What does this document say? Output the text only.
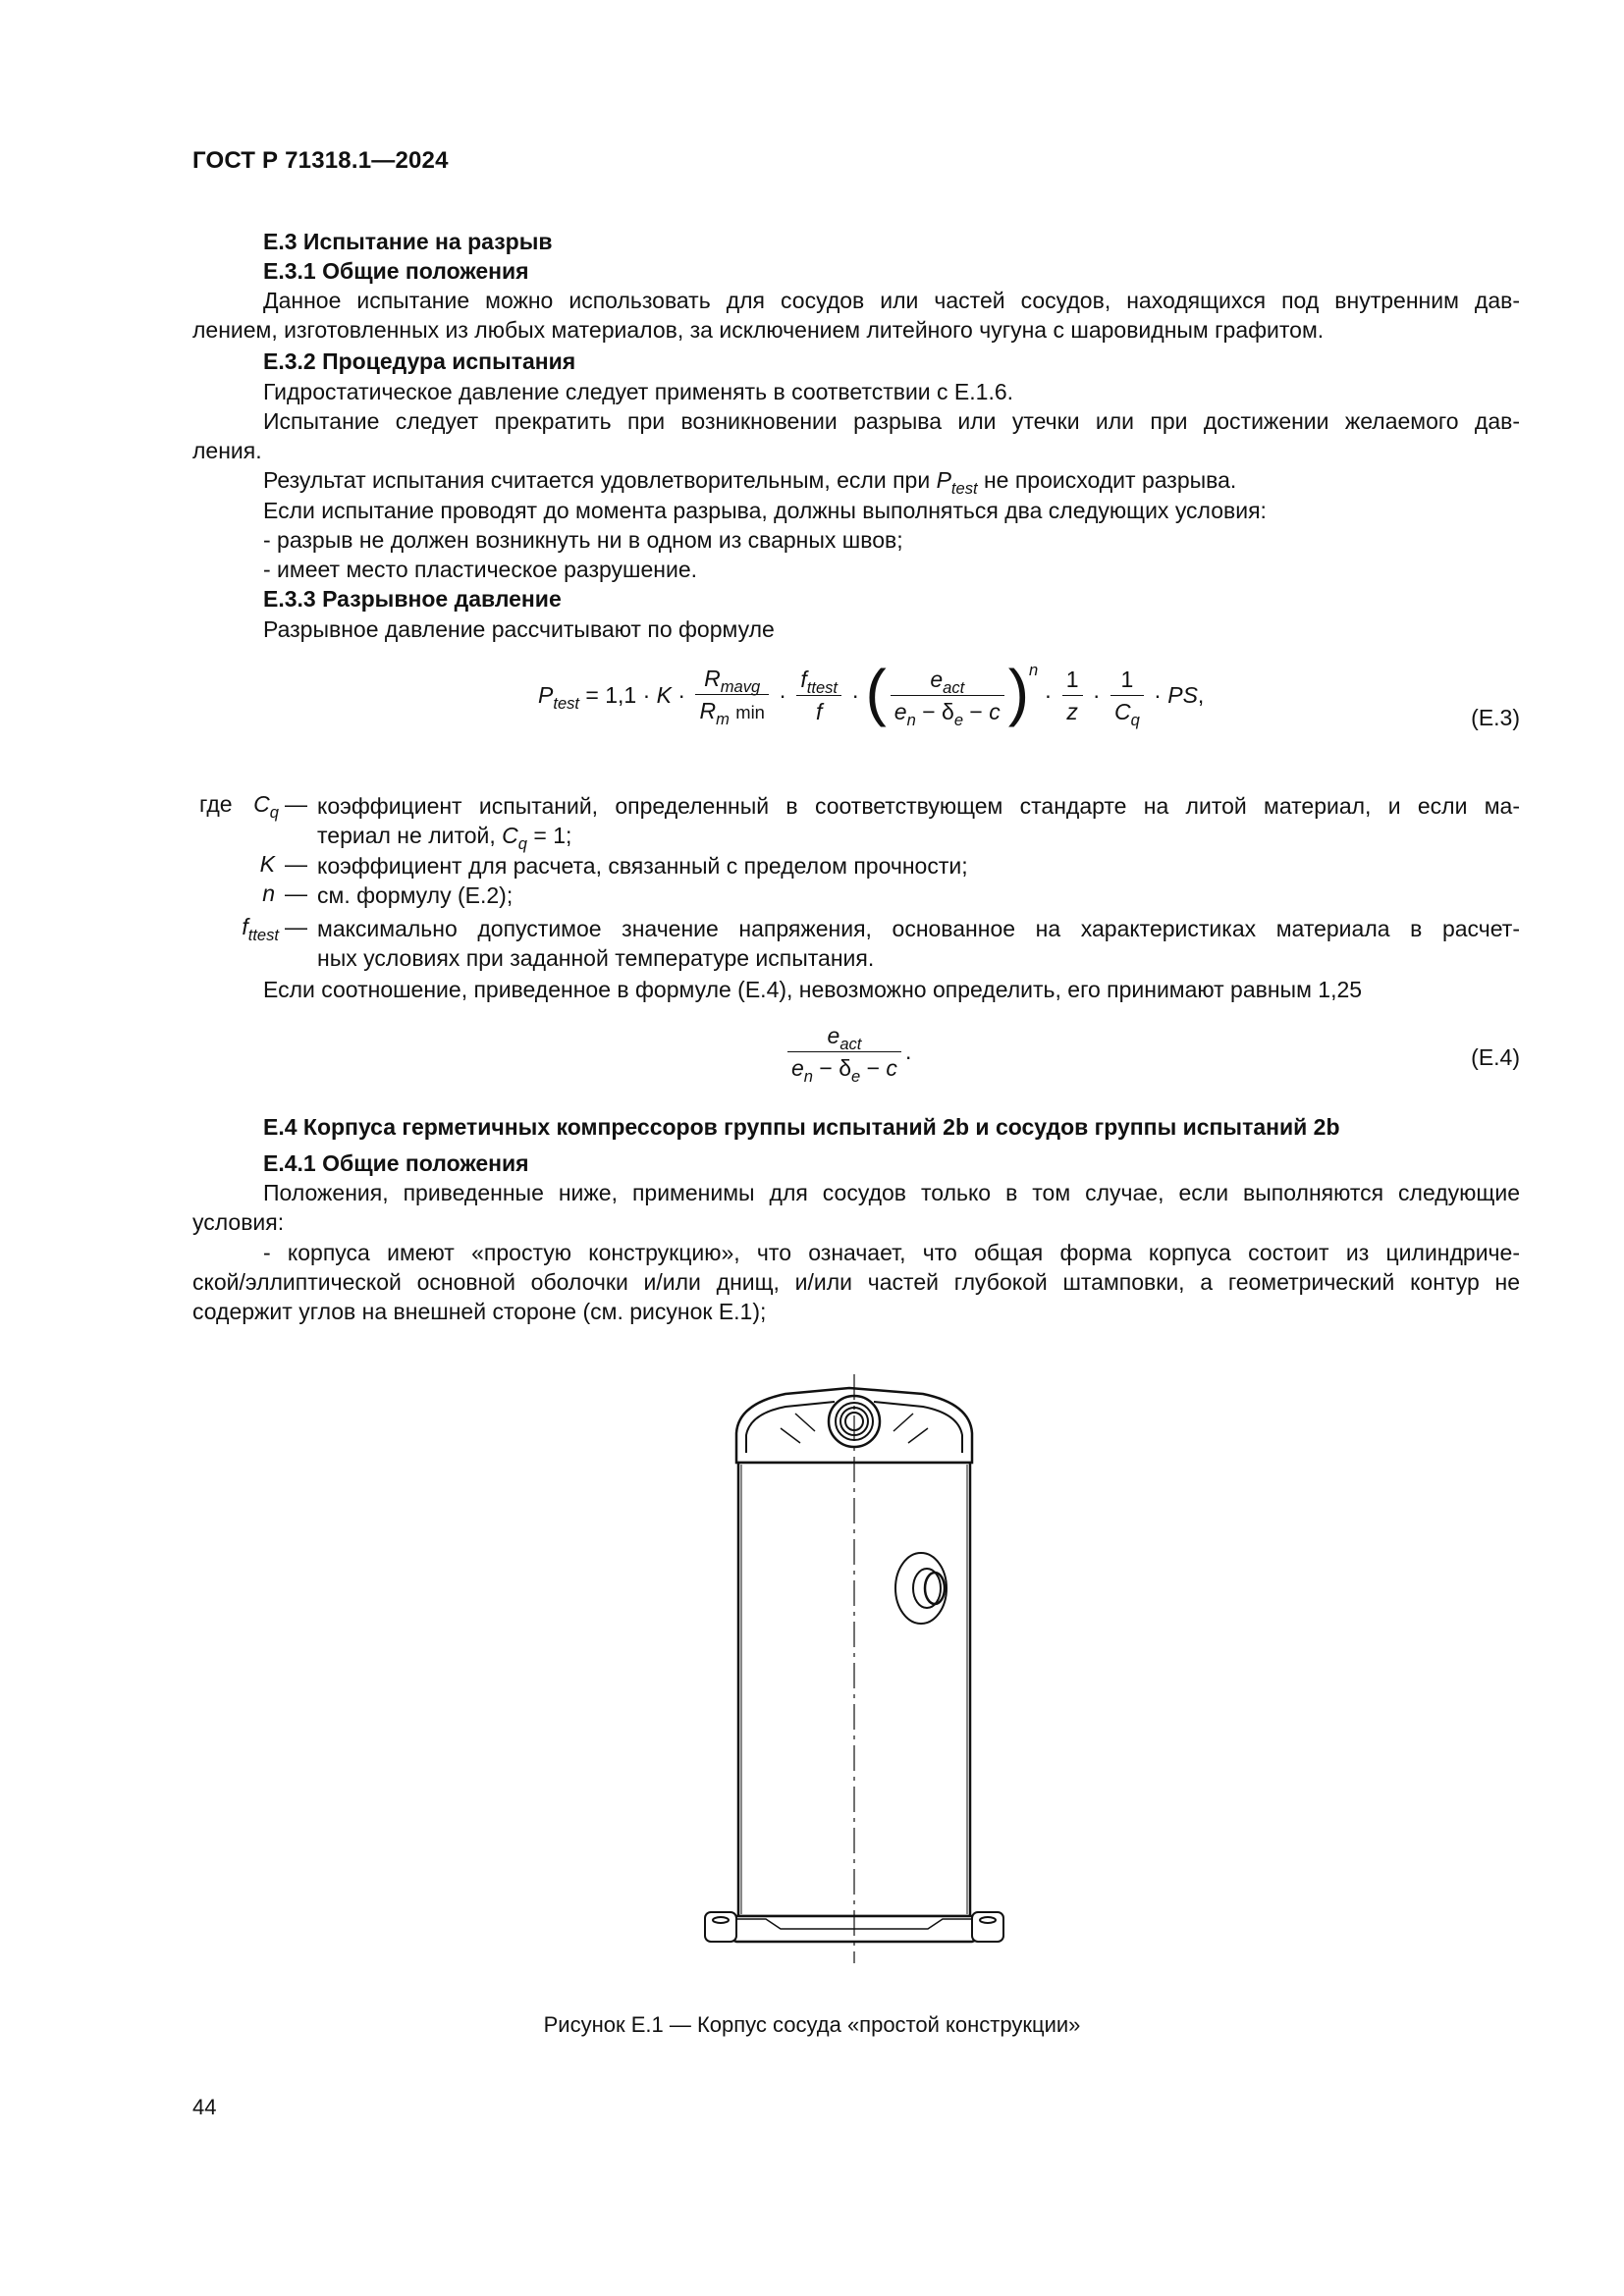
ГОСТ Р 71318.1—2024
Е.3 Испытание на разрыв
Е.3.1 Общие положения
Данное испытание можно использовать для сосудов или частей сосудов, находящихся под внутренним дав-
лением, изготовленных из любых материалов, за исключением литейного чугуна с шаровидным графитом.
Е.3.2 Процедура испытания
Гидростатическое давление следует применять в соответствии с Е.1.6.
Испытание следует прекратить при возникновении разрыва или утечки или при достижении желаемого дав-
ления.
Результат испытания считается удовлетворительным, если при $P_{test}$ не происходит разрыва.
Если испытание проводят до момента разрыва, должны выполняться два следующих условия:
- разрыв не должен возникнуть ни в одном из сварных швов;
- имеет место пластическое разрушение.
Е.3.3 Разрывное давление
Разрывное давление рассчитывают по формуле
$P_{test} = 1,1 \cdot K \cdot \frac{R_{mavg}}{R_m \min} \cdot \frac{f_{ttest}}{f}$ · ( $\frac{e_{act}}{e_n - \delta_e - c} )^n \cdot \frac{1}{z} \cdot \frac{1}{C_q}$ · PS,
(Е.3)
где $C_q$ — коэффициент испытаний, определенный в соответствующем стандарте на литой материал, и если ма-
териал не литой, $C_q = 1$;
K — коэффициент для расчета, связанный с пределом прочности;
n — см. формулу (Е.2);
$f_{ttest}$ — максимально допустимое значение напряжения, основанное на характеристиках материала в расчет-
ных условиях при заданной температуре испытания.
Если соотношение, приведенное в формуле (Е.4), невозможно определить, его принимают равным 1,25
$\frac{e_{act}}{e_n - \delta_e - c}$ .	(Е.4)
Е.4 Корпуса герметичных компрессоров группы испытаний 2b и сосудов группы испытаний 2b
Е.4.1 Общие положения
Положения, приведенные ниже, применимы для сосудов только в том случае, если выполняются следующие
условия:
- корпуса имеют «простую конструкцию», что означает, что общая форма корпуса состоит из цилиндриче-
ской/эллиптической основной оболочки и/или днищ, и/или частей глубокой штамповки, а геометрический контур не
содержит углов на внешней стороне (см. рисунок Е.1);
Рисунок Е.1 — Корпус сосуда «простой конструкции»
44
